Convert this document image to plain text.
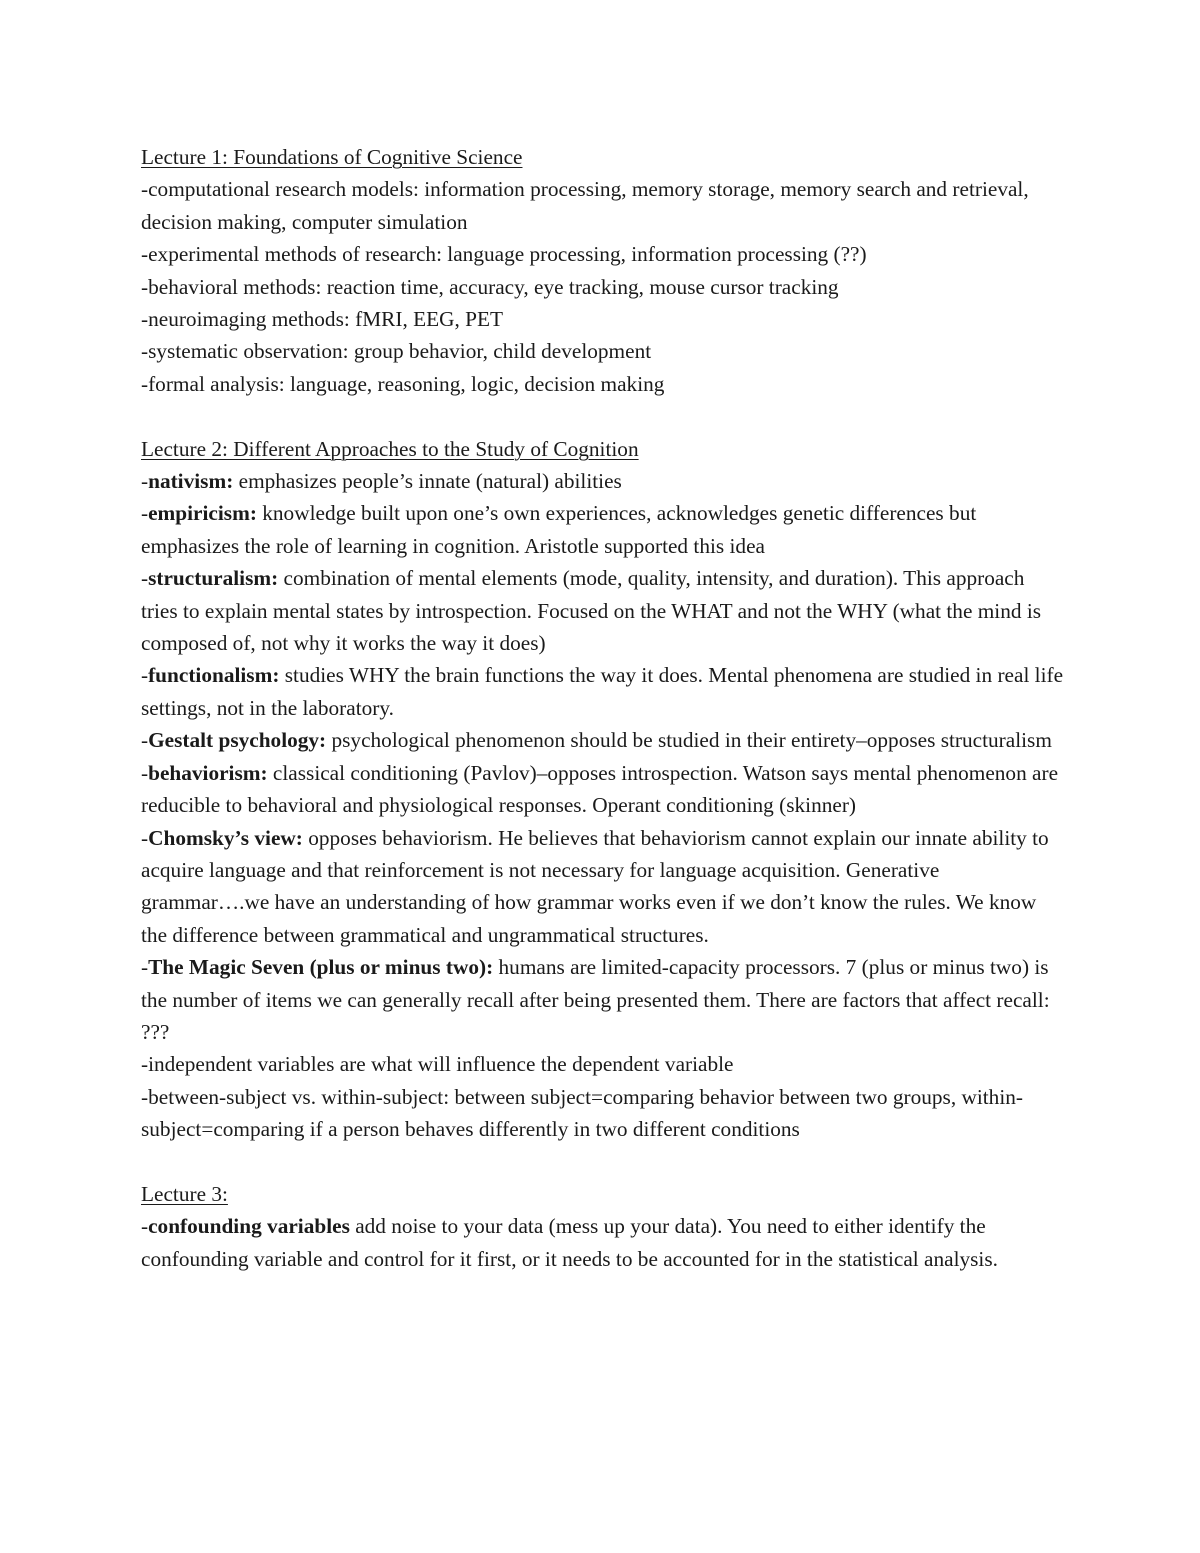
Lecture 1: Foundations of Cognitive Science

-computational research models: information processing, memory storage, memory search and retrieval, decision making, computer simulation

-experimental methods of research: language processing, information processing (??)

-behavioral methods: reaction time, accuracy, eye tracking, mouse cursor tracking

-neuroimaging methods: fMRI, EEG, PET

-systematic observation: group behavior, child development

-formal analysis: language, reasoning, logic, decision making

Lecture 2: Different Approaches to the Study of Cognition

-nativism: emphasizes people’s innate (natural) abilities

-empiricism: knowledge built upon one’s own experiences, acknowledges genetic differences but emphasizes the role of learning in cognition. Aristotle supported this idea

-structuralism: combination of mental elements (mode, quality, intensity, and duration). This approach tries to explain mental states by introspection. Focused on the WHAT and not the WHY (what the mind is composed of, not why it works the way it does)

-functionalism: studies WHY the brain functions the way it does. Mental phenomena are studied in real life settings, not in the laboratory.

-Gestalt psychology: psychological phenomenon should be studied in their entirety–opposes structuralism

-behaviorism: classical conditioning (Pavlov)–opposes introspection. Watson says mental phenomenon are reducible to behavioral and physiological responses. Operant conditioning (skinner)

-Chomsky’s view: opposes behaviorism. He believes that behaviorism cannot explain our innate ability to acquire language and that reinforcement is not necessary for language acquisition. Generative grammar….we have an understanding of how grammar works even if we don’t know the rules. We know the difference between grammatical and ungrammatical structures.

-The Magic Seven (plus or minus two): humans are limited-capacity processors. 7 (plus or minus two) is the number of items we can generally recall after being presented them. There are factors that affect recall: ???

-independent variables are what will influence the dependent variable

-between-subject vs. within-subject: between subject=comparing behavior between two groups, within-subject=comparing if a person behaves differently in two different conditions

Lecture 3:

-confounding variables add noise to your data (mess up your data). You need to either identify the confounding variable and control for it first, or it needs to be accounted for in the statistical analysis.
